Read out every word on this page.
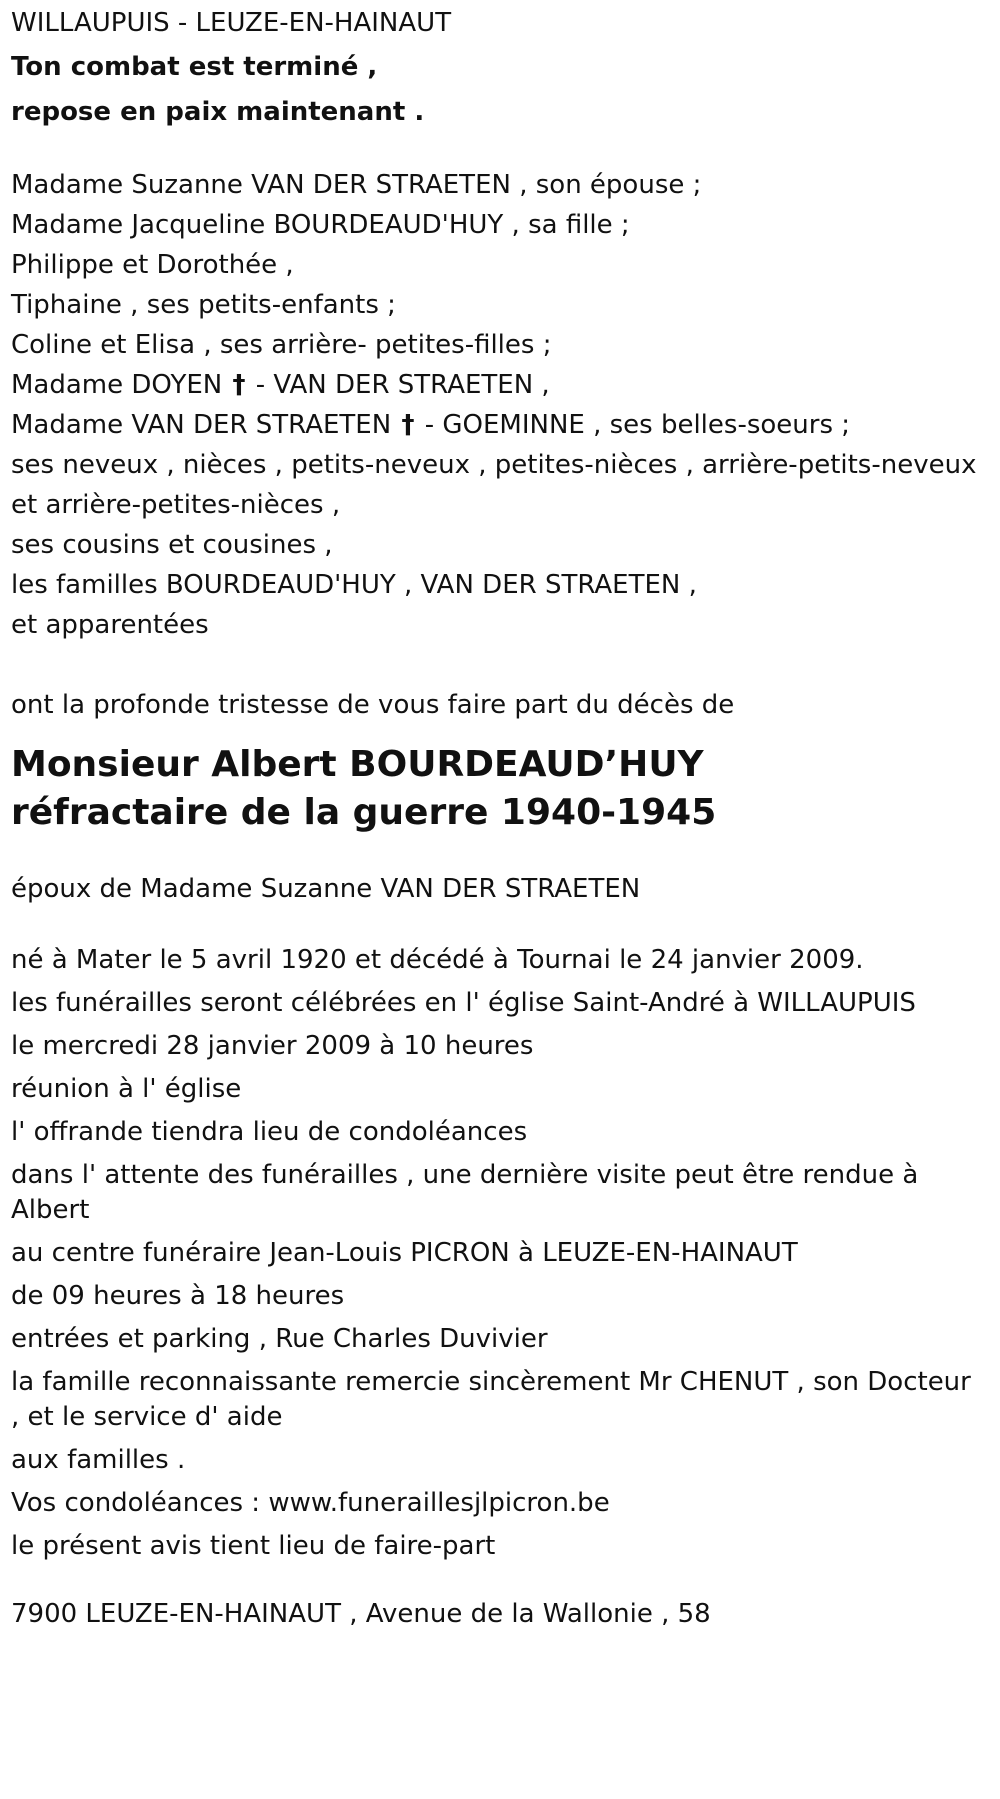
WILLAUPUIS - LEUZE-EN-HAINAUT

Ton combat est terminé ,

repose en paix maintenant .

Madame Suzanne VAN DER STRAETEN , son épouse ;

Madame Jacqueline BOURDEAUD'HUY , sa fille ;

Philippe et Dorothée ,

Tiphaine , ses petits-enfants ;

Coline et Elisa , ses arrière- petites-filles ;

Madame DOYEN † - VAN DER STRAETEN ,

Madame VAN DER STRAETEN † - GOEMINNE , ses belles-soeurs ;

ses neveux , nièces , petits-neveux , petites-nièces , arrière-petits-neveux

et arrière-petites-nièces ,

ses cousins et cousines ,

les familles BOURDEAUD'HUY , VAN DER STRAETEN ,

et apparentées

ont la profonde tristesse de vous faire part du décès de

Monsieur Albert BOURDEAUD’HUY

réfractaire de la guerre 1940-1945

époux de Madame Suzanne VAN DER STRAETEN

né à Mater le 5 avril 1920 et décédé à Tournai le 24 janvier 2009.

les funérailles seront célébrées en l' église Saint-André à WILLAUPUIS

le mercredi 28 janvier 2009 à 10 heures

réunion à l' église

l' offrande tiendra lieu de condoléances

dans l' attente des funérailles , une dernière visite peut être rendue à Albert

au centre funéraire Jean-Louis PICRON à LEUZE-EN-HAINAUT

de 09 heures à 18 heures

entrées et parking , Rue Charles Duvivier

la famille reconnaissante remercie sincèrement Mr CHENUT , son Docteur , et le service d' aide

aux familles .

Vos condoléances : www.funeraillesjlpicron.be

le présent avis tient lieu de faire-part

7900 LEUZE-EN-HAINAUT , Avenue de la Wallonie , 58
